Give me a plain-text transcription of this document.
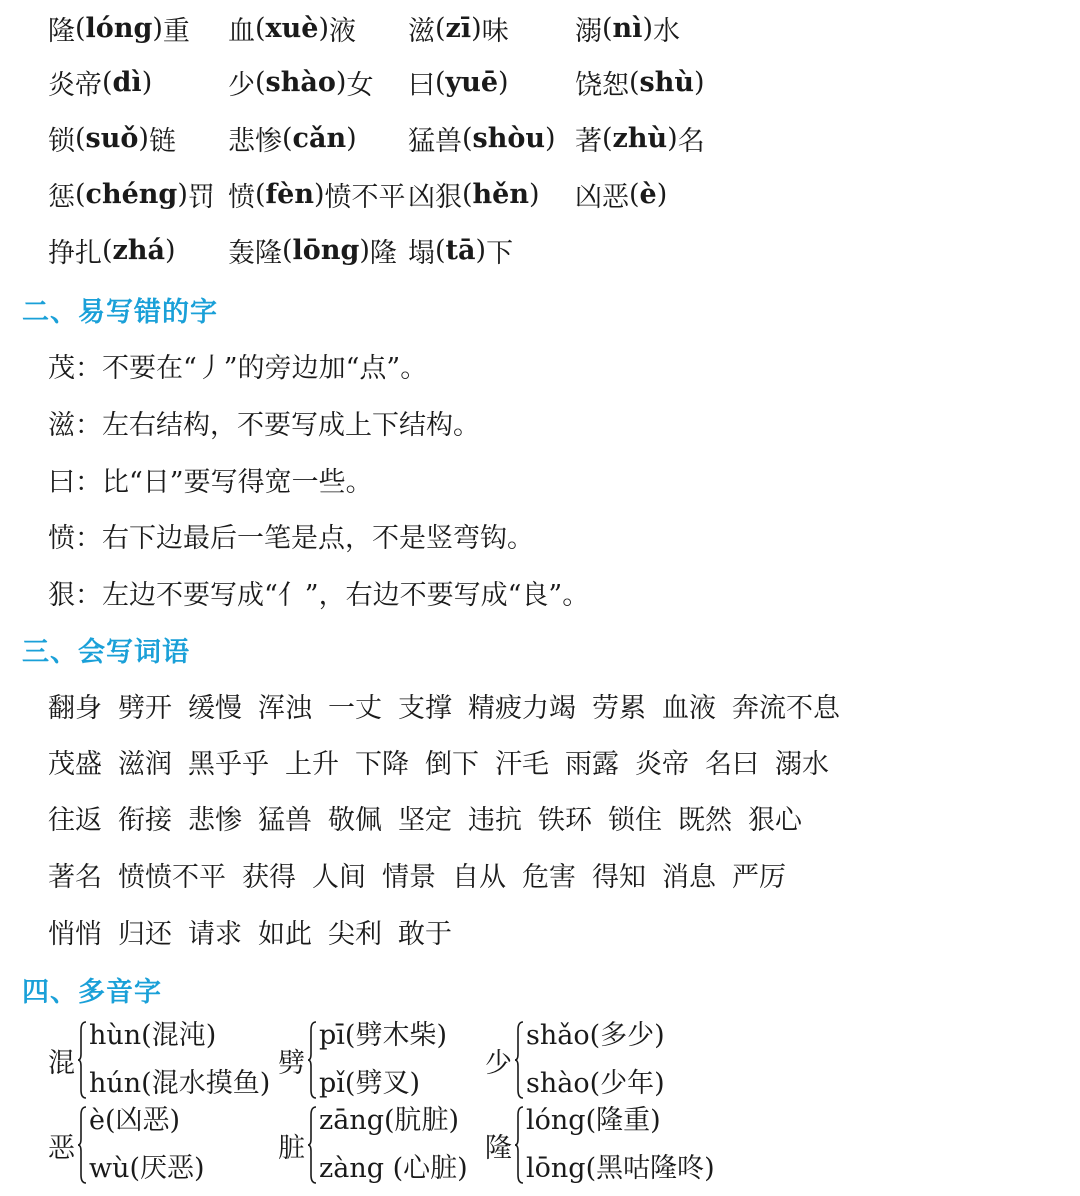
隆 ( lóng ) 重 血 ( xuè ) 液 滋 ( zī ) 味 溺 ( nì ) 水
炎帝 ( dì )	少 ( shào ) 女 曰 ( yuē ) 饶恕 ( shù )
锁 ( suǒ ) 链 悲惨 ( cǎn ) 猛兽 ( shòu ) 著 ( zhù ) 名
惩 ( chéng ) 罚 愤 ( fèn ) 愤不平 凶狠 ( hěn ) 凶恶 ( è )
挣扎 ( zhá ) 轰隆 ( lōng ) 隆 塌 ( tā ) 下
二、易写错的字
茂：不要在“丿”的旁边加“点”。
滋：左右结构，不要写成上下结构。
曰：比“日”要写得宽一些。
愤：右下边最后一笔是点，不是竖弯钩。
狠：左边不要写成“亻”，右边不要写成“良”。
三、会写词语
翻身 劈开 缓慢 浑浊 一丈 支撑 精疲力竭 劳累 血液 奔流不息
茂盛 滋润 黑乎乎 上升 下降 倒下 汗毛 雨露 炎帝 名曰 溺水
往返 衔接 悲惨 猛兽 敬佩 坚定 违抗 铁环 锁住 既然 狠心
著名 愤愤不平 获得 人间 情景 自从 危害 得知 消息 严厉
悄悄 归还 请求 如此 尖利 敢于
四、多音字
混
hùn(混沌)
hún(混水摸鱼)
劈
pī(劈木柴)
pǐ(劈叉)
少
shǎo(多少)
shào(少年)
恶
è(凶恶)
wù(厌恶)
脏
zāng(肮脏)
zàng (心脏)
隆
lóng(隆重)
lōng(黑咕隆咚)
